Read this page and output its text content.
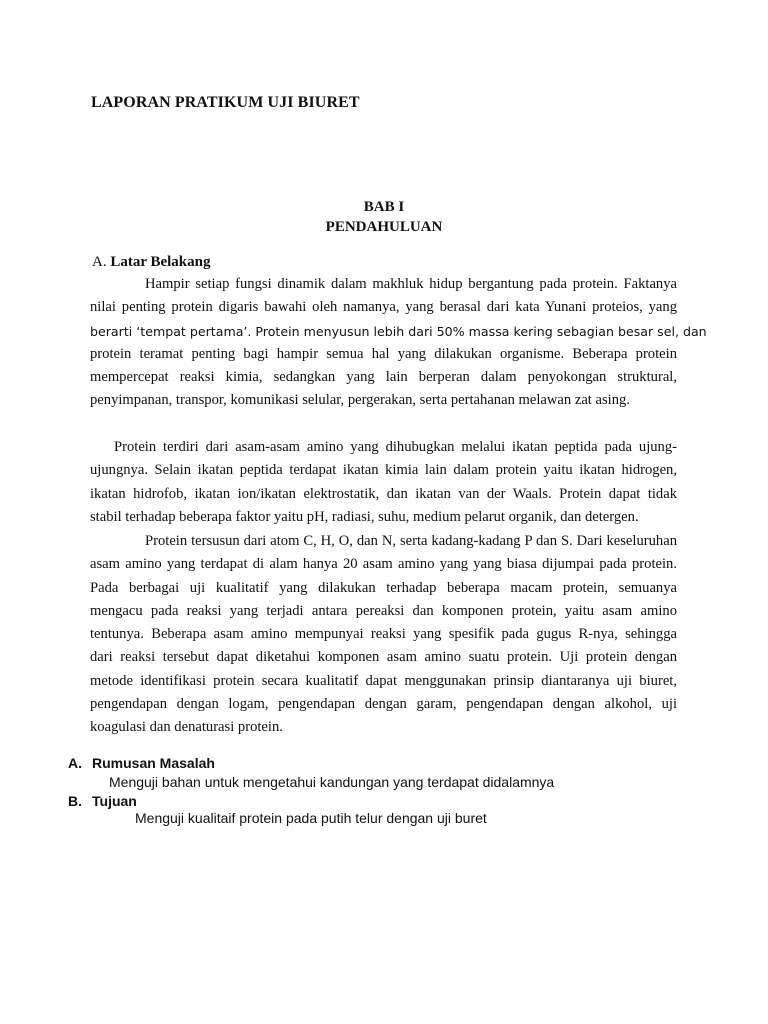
LAPORAN PRATIKUM UJI BIURET
BAB I
PENDAHULUAN
A. Latar Belakang
Hampir setiap fungsi dinamik dalam makhluk hidup bergantung pada protein. Faktanya
nilai penting protein digaris bawahi oleh namanya, yang berasal dari kata Yunani proteios, yang
berarti ‘tempat pertama’. Protein menyusun lebih dari 50% massa kering sebagian besar sel, dan
protein teramat penting bagi hampir semua hal yang dilakukan organisme. Beberapa protein
mempercepat reaksi kimia, sedangkan yang lain berperan dalam penyokongan struktural,
penyimpanan, transpor, komunikasi selular, pergerakan, serta pertahanan melawan zat asing.
Protein terdiri dari asam-asam amino yang dihubugkan melalui ikatan peptida pada ujung-
ujungnya. Selain ikatan peptida terdapat ikatan kimia lain dalam protein yaitu ikatan hidrogen,
ikatan hidrofob, ikatan ion/ikatan elektrostatik, dan ikatan van der Waals. Protein dapat tidak
stabil terhadap beberapa faktor yaitu pH, radiasi, suhu, medium pelarut organik, dan detergen.
Protein tersusun dari atom C, H, O, dan N, serta kadang-kadang P dan S. Dari keseluruhan
asam amino yang terdapat di alam hanya 20 asam amino yang yang biasa dijumpai pada protein.
Pada berbagai uji kualitatif yang dilakukan terhadap beberapa macam protein, semuanya
mengacu pada reaksi yang terjadi antara pereaksi dan komponen protein, yaitu asam amino
tentunya. Beberapa asam amino mempunyai reaksi yang spesifik pada gugus R-nya, sehingga
dari reaksi tersebut dapat diketahui komponen asam amino suatu protein. Uji protein dengan
metode identifikasi protein secara kualitatif dapat menggunakan prinsip diantaranya uji biuret,
pengendapan dengan logam, pengendapan dengan garam, pengendapan dengan alkohol, uji
koagulasi dan denaturasi protein.
A. Rumusan Masalah
Menguji bahan untuk mengetahui kandungan yang terdapat didalamnya
B. Tujuan
Menguji kualitaif protein pada putih telur dengan uji buret
